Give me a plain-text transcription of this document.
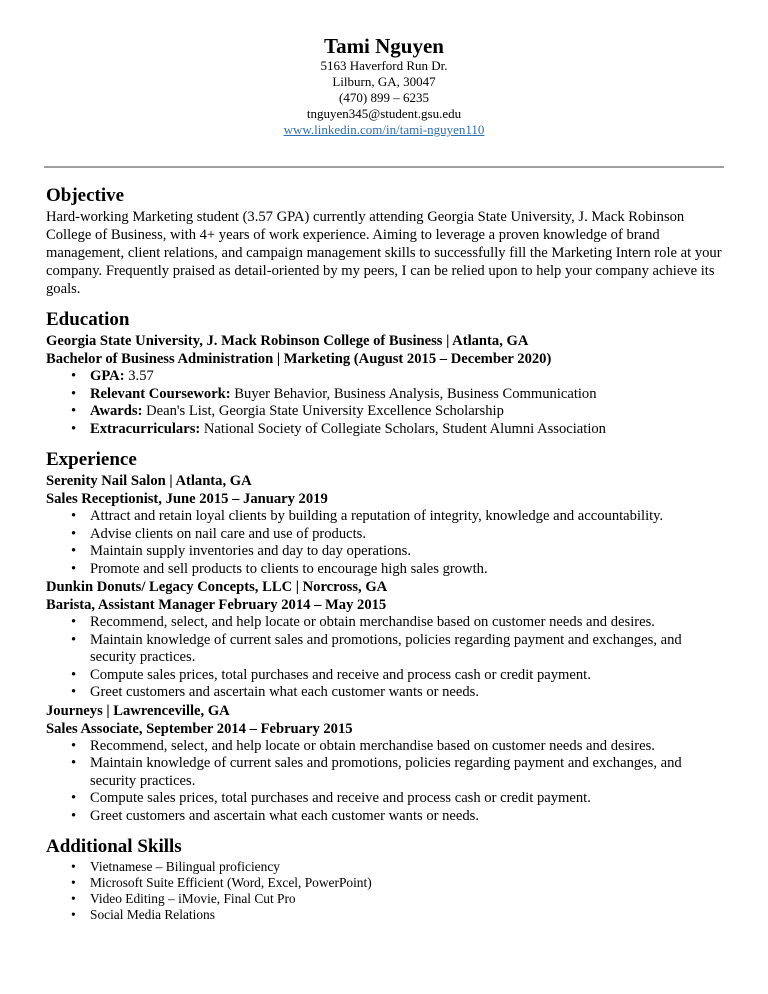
Tami Nguyen
5163 Haverford Run Dr.
Lilburn, GA, 30047
(470) 899 – 6235
tnguyen345@student.gsu.edu
www.linkedin.com/in/tami-nguyen110
Objective
Hard-working Marketing student (3.57 GPA) currently attending Georgia State University, J. Mack Robinson College of Business, with 4+ years of work experience. Aiming to leverage a proven knowledge of brand management, client relations, and campaign management skills to successfully fill the Marketing Intern role at your company. Frequently praised as detail-oriented by my peers, I can be relied upon to help your company achieve its goals.
Education
Georgia State University, J. Mack Robinson College of Business | Atlanta, GA
Bachelor of Business Administration | Marketing (August 2015 – December 2020)
• GPA: 3.57
• Relevant Coursework: Buyer Behavior, Business Analysis, Business Communication
• Awards: Dean's List, Georgia State University Excellence Scholarship
• Extracurriculars: National Society of Collegiate Scholars, Student Alumni Association
Experience
Serenity Nail Salon | Atlanta, GA
Sales Receptionist, June 2015 – January 2019
• Attract and retain loyal clients by building a reputation of integrity, knowledge and accountability.
• Advise clients on nail care and use of products.
• Maintain supply inventories and day to day operations.
• Promote and sell products to clients to encourage high sales growth.
Dunkin Donuts/ Legacy Concepts, LLC | Norcross, GA
Barista, Assistant Manager February 2014 – May 2015
• Recommend, select, and help locate or obtain merchandise based on customer needs and desires.
• Maintain knowledge of current sales and promotions, policies regarding payment and exchanges, and security practices.
• Compute sales prices, total purchases and receive and process cash or credit payment.
• Greet customers and ascertain what each customer wants or needs.
Journeys | Lawrenceville, GA
Sales Associate, September 2014 – February 2015
• Recommend, select, and help locate or obtain merchandise based on customer needs and desires.
• Maintain knowledge of current sales and promotions, policies regarding payment and exchanges, and security practices.
• Compute sales prices, total purchases and receive and process cash or credit payment.
• Greet customers and ascertain what each customer wants or needs.
Additional Skills
• Vietnamese – Bilingual proficiency
• Microsoft Suite Efficient (Word, Excel, PowerPoint)
• Video Editing – iMovie, Final Cut Pro
• Social Media Relations
